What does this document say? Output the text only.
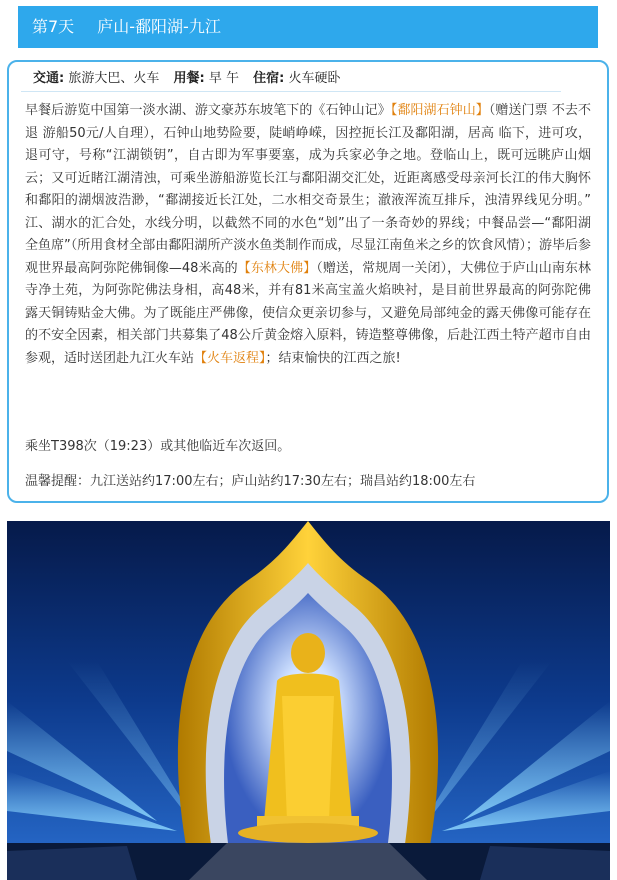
第7天 庐山-鄱阳湖-九江
交通: 旅游大巴、火车 用餐: 早 午 住宿: 火车硬卧
早餐后游览中国第一淡水湖、游文豪苏东坡笔下的《石钟山记》【鄱阳湖石钟山】（赠送门票 不去不退 游船50元/人自理），石钟山地势险要，陡峭峥嵘，因控扼长江及鄱阳湖，居高 临下，进可攻，退可守，号称“江湖锁钥”，自古即为军事要塞，成为兵家必争之地。登临山上，既可远眺庐山烟云；又可近睹江湖清浊，可乘坐游船游览长江与鄱阳湖交汇处，近距离感受母亲河长江的伟大胸怀和鄱阳的湖烟波浩渺，“鄱湖接近长江处，二水相交奇景生；澈液浑流互排斥，浊清界线见分明。” 江、湖水的汇合处，水线分明，以截然不同的水色“划”出了一条奇妙的界线；中餐品尝—“鄱阳湖全鱼席”（所用食材全部由鄱阳湖所产淡水鱼类制作而成，尽显江南鱼米之乡的饮食风情）；游毕后参观世界最高阿弥陀佛铜像—48米高的【东林大佛】（赠送，常规周一关闭），大佛位于庐山山南东林寺净土苑，为阿弥陀佛法身相，高48米，并有81米高宝盖火焰映衬，是目前世界最高的阿弥陀佛露天铜铸贴金大佛。为了既能庄严佛像，使信众更亲切参与，又避免局部纯金的露天佛像可能存在的不安全因素，相关部门共募集了48公斤黄金熔入原料，铸造整尊佛像，后赴江西土特产超市自由参观，适时送团赴九江火车站【火车返程】；结束愉快的江西之旅!
乘坐T398次（19:23）或其他临近车次返回。
温馨提醒：九江送站约17:00左右；庐山站约17:30左右；瑞昌站约18:00左右
